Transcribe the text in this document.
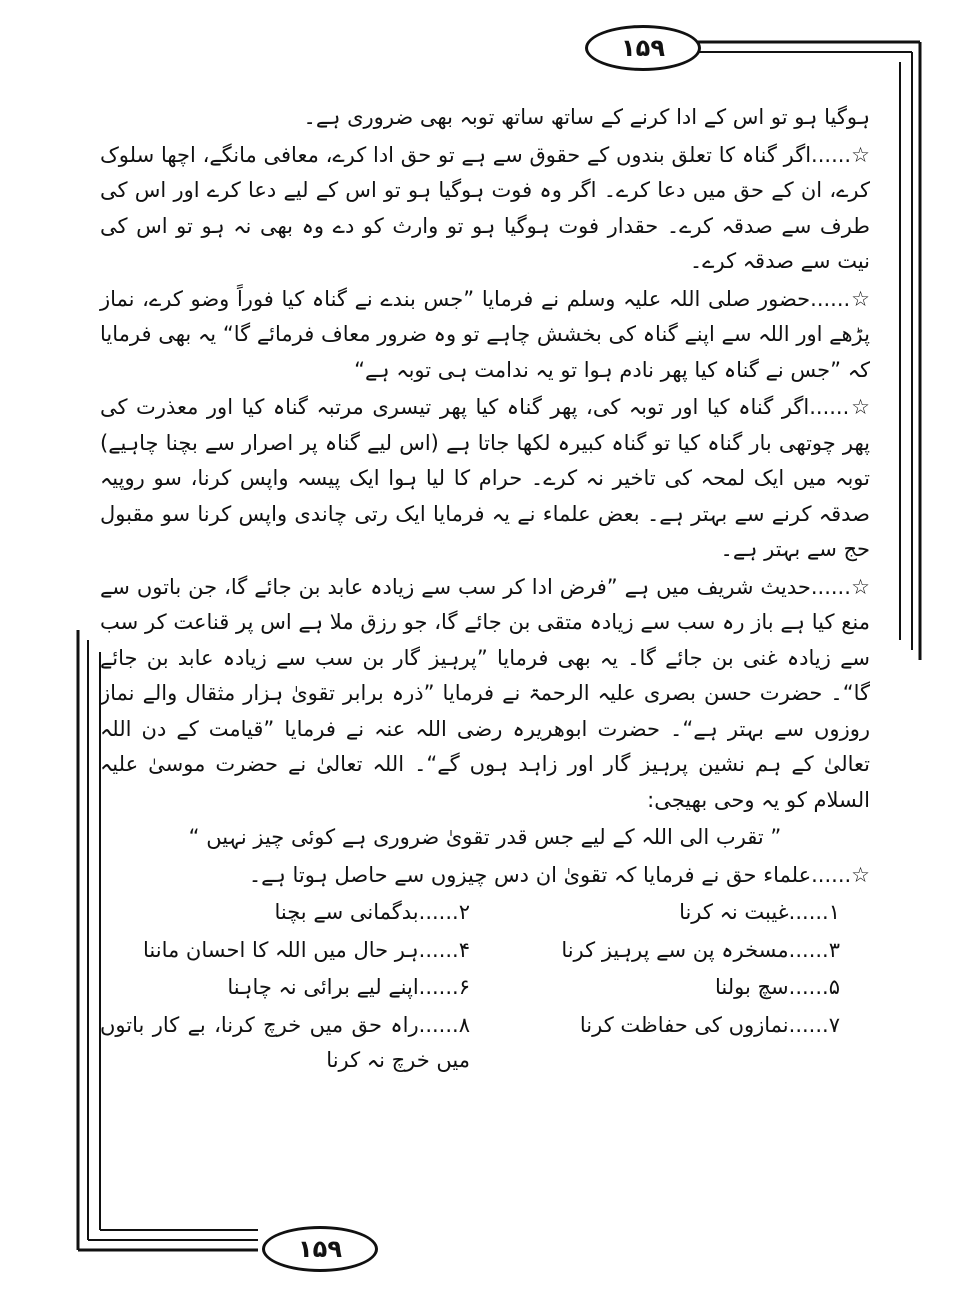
۱۵۹
۱۵۹

ہوگیا ہو تو اس کے ادا کرنے کے ساتھ ساتھ توبہ بھی ضروری ہے۔

☆......اگر گناہ کا تعلق بندوں کے حقوق سے ہے تو حق ادا کرے، معافی مانگے، اچھا سلوک کرے، ان کے حق میں دعا کرے۔ اگر وہ فوت ہوگیا ہو تو اس کے لیے دعا کرے اور اس کی طرف سے صدقہ کرے۔ حقدار فوت ہوگیا ہو تو وارث کو دے وہ بھی نہ ہو تو اس کی نیت سے صدقہ کرے۔

☆......حضور صلی اللہ علیہ وسلم نے فرمایا ”جس بندے نے گناہ کیا فوراً وضو کرے، نماز پڑھے اور اللہ سے اپنے گناہ کی بخشش چاہے تو وہ ضرور معاف فرمائے گا“ یہ بھی فرمایا کہ ”جس نے گناہ کیا پھر نادم ہوا تو یہ ندامت ہی توبہ ہے“

☆......اگر گناہ کیا اور توبہ کی، پھر گناہ کیا پھر تیسری مرتبہ گناہ کیا اور معذرت کی پھر چوتھی بار گناہ کیا تو گناہ کبیرہ لکھا جاتا ہے (اس لیے گناہ پر اصرار سے بچنا چاہیے) توبہ میں ایک لمحہ کی تاخیر نہ کرے۔ حرام کا لیا ہوا ایک پیسہ واپس کرنا، سو روپیہ صدقہ کرنے سے بہتر ہے۔ بعض علماء نے یہ فرمایا ایک رتی چاندی واپس کرنا سو مقبول حج سے بہتر ہے۔

☆......حدیث شریف میں ہے ”فرض ادا کر سب سے زیادہ عابد بن جائے گا، جن باتوں سے منع کیا ہے باز رہ سب سے زیادہ متقی بن جائے گا، جو رزق ملا ہے اس پر قناعت کر سب سے زیادہ غنی بن جائے گا۔ یہ بھی فرمایا ”پرہیز گار بن سب سے زیادہ عابد بن جائے گا“۔ حضرت حسن بصری علیہ الرحمۃ نے فرمایا ”ذرہ برابر تقویٰ ہزار مثقال والے نماز روزوں سے بہتر ہے“۔ حضرت ابوھریرہ رضی اللہ عنہ نے فرمایا ”قیامت کے دن اللہ تعالیٰ کے ہم نشین پرہیز گار اور زاہد ہوں گے“۔ اللہ تعالیٰ نے حضرت موسیٰ علیہ السلام کو یہ وحی بھیجی:

” تقرب الی اللہ کے لیے جس قدر تقویٰ ضروری ہے کوئی چیز نہیں “

☆......علماء حق نے فرمایا کہ تقویٰ ان دس چیزوں سے حاصل ہوتا ہے۔

۱......غیبت نہ کرنا
۲......بدگمانی سے بچنا
۳......مسخرہ پن سے پرہیز کرنا
۴......ہر حال میں اللہ کا احسان ماننا
۵......سچ بولنا
۶......اپنے لیے برائی نہ چاہنا
۷......نمازوں کی حفاظت کرنا
۸......راہ حق میں خرچ کرنا، بے کار باتوں میں خرچ نہ کرنا
